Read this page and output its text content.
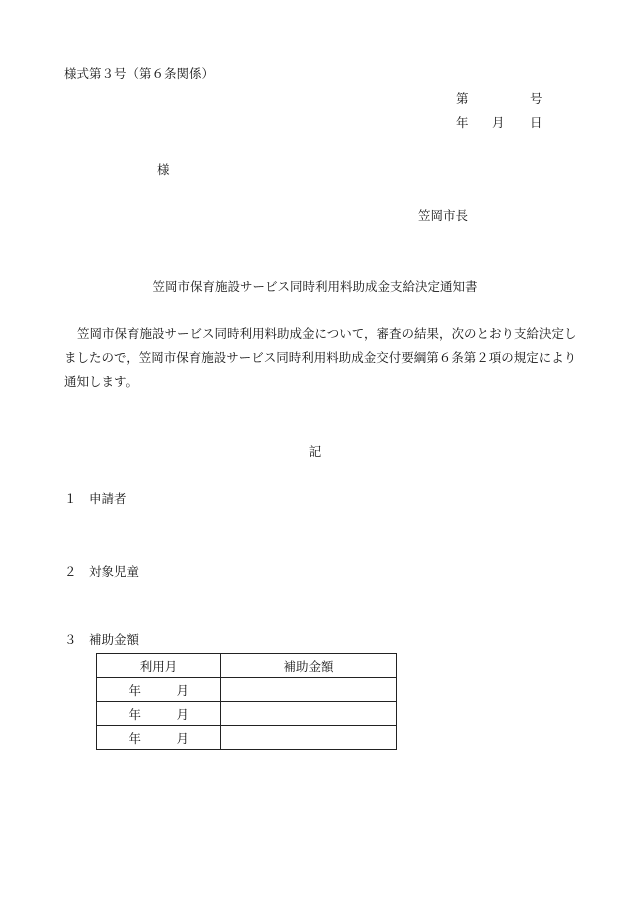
様式第３号（第６条関係）
第	号
年 月 日
様
笠岡市長
笠岡市保育施設サービス同時利用料助成金支給決定通知書
笠岡市保育施設サービス同時利用料助成金について，審査の結果，次のとおり支給決定しましたので，笠岡市保育施設サービス同時利用料助成金交付要綱第６条第２項の規定により通知します。
記
１ 申請者
２ 対象児童
３ 補助金額
利用月	補助金額
年 月	
年 月	
年 月	
